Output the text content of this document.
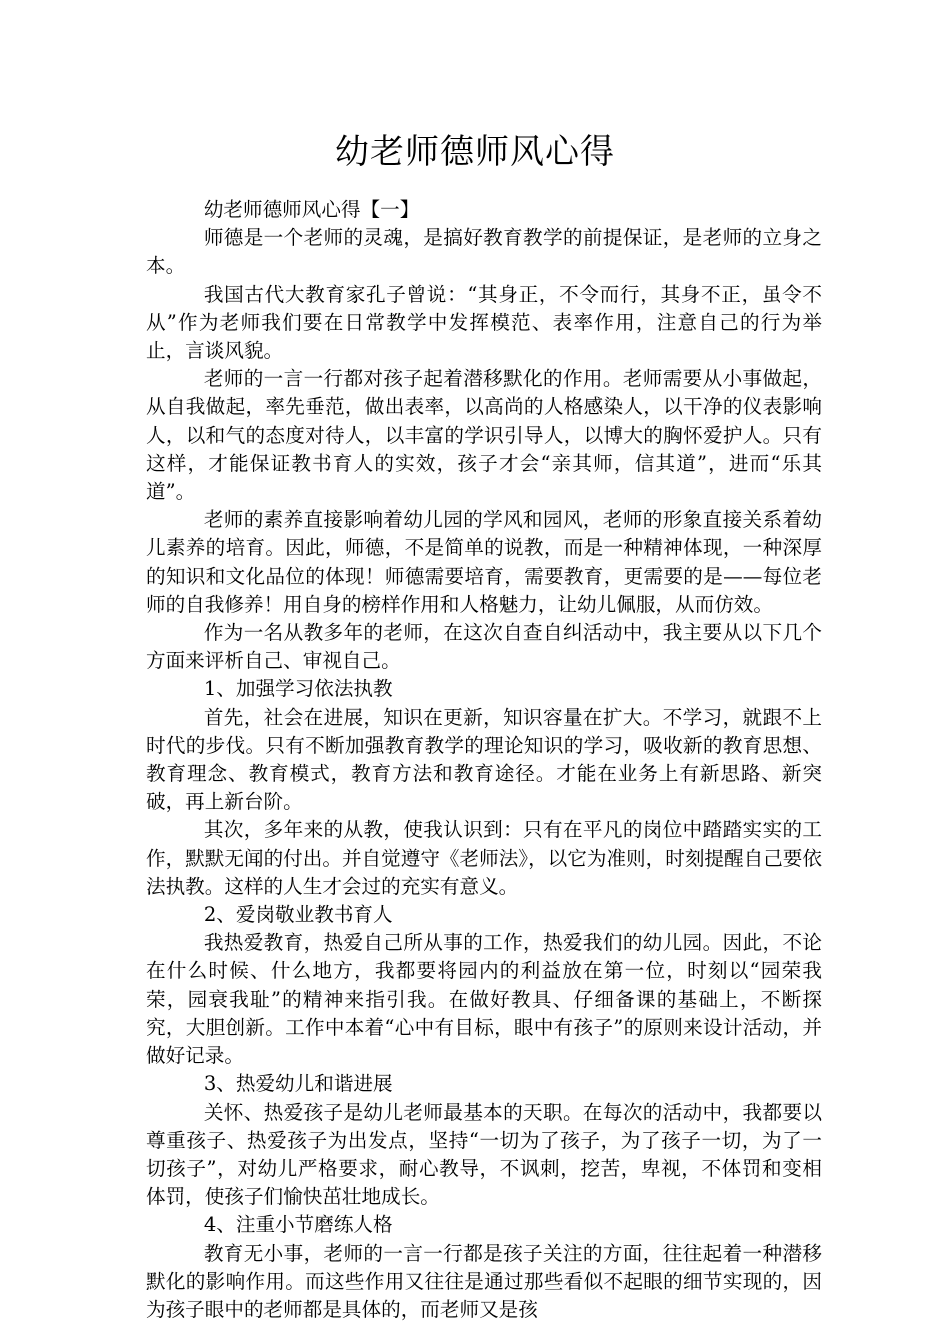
幼老师德师风心得

幼老师德师风心得【一】

师德是一个老师的灵魂，是搞好教育教学的前提保证，是老师的立身之本。

我国古代大教育家孔子曾说：“其身正，不令而行，其身不正，虽令不从”作为老师我们要在日常教学中发挥模范、表率作用，注意自己的行为举止，言谈风貌。

老师的一言一行都对孩子起着潜移默化的作用。老师需要从小事做起，从自我做起，率先垂范，做出表率，以高尚的人格感染人，以干净的仪表影响人，以和气的态度对待人，以丰富的学识引导人，以博大的胸怀爱护人。只有这样，才能保证教书育人的实效，孩子才会“亲其师，信其道”，进而“乐其道”。

老师的素养直接影响着幼儿园的学风和园风，老师的形象直接关系着幼儿素养的培育。因此，师德，不是简单的说教，而是一种精神体现，一种深厚的知识和文化品位的体现！师德需要培育，需要教育，更需要的是——每位老师的自我修养！用自身的榜样作用和人格魅力，让幼儿佩服，从而仿效。

作为一名从教多年的老师，在这次自查自纠活动中，我主要从以下几个方面来评析自己、审视自己。

1、加强学习依法执教

首先，社会在进展，知识在更新，知识容量在扩大。不学习，就跟不上时代的步伐。只有不断加强教育教学的理论知识的学习，吸收新的教育思想、教育理念、教育模式，教育方法和教育途径。才能在业务上有新思路、新突破，再上新台阶。

其次，多年来的从教，使我认识到：只有在平凡的岗位中踏踏实实的工作，默默无闻的付出。并自觉遵守《老师法》，以它为准则，时刻提醒自己要依法执教。这样的人生才会过的充实有意义。

2、爱岗敬业教书育人

我热爱教育，热爱自己所从事的工作，热爱我们的幼儿园。因此，不论在什么时候、什么地方，我都要将园内的利益放在第一位，时刻以“园荣我荣，园衰我耻”的精神来指引我。在做好教具、仔细备课的基础上，不断探究，大胆创新。工作中本着“心中有目标，眼中有孩子”的原则来设计活动，并做好记录。

3、热爱幼儿和谐进展

关怀、热爱孩子是幼儿老师最基本的天职。在每次的活动中，我都要以尊重孩子、热爱孩子为出发点，坚持“一切为了孩子，为了孩子一切，为了一切孩子”，对幼儿严格要求，耐心教导，不讽刺，挖苦，卑视，不体罚和变相体罚，使孩子们愉快茁壮地成长。

4、注重小节磨练人格

教育无小事，老师的一言一行都是孩子关注的方面，往往起着一种潜移默化的影响作用。而这些作用又往往是通过那些看似不起眼的细节实现的，因为孩子眼中的老师都是具体的，而老师又是孩
